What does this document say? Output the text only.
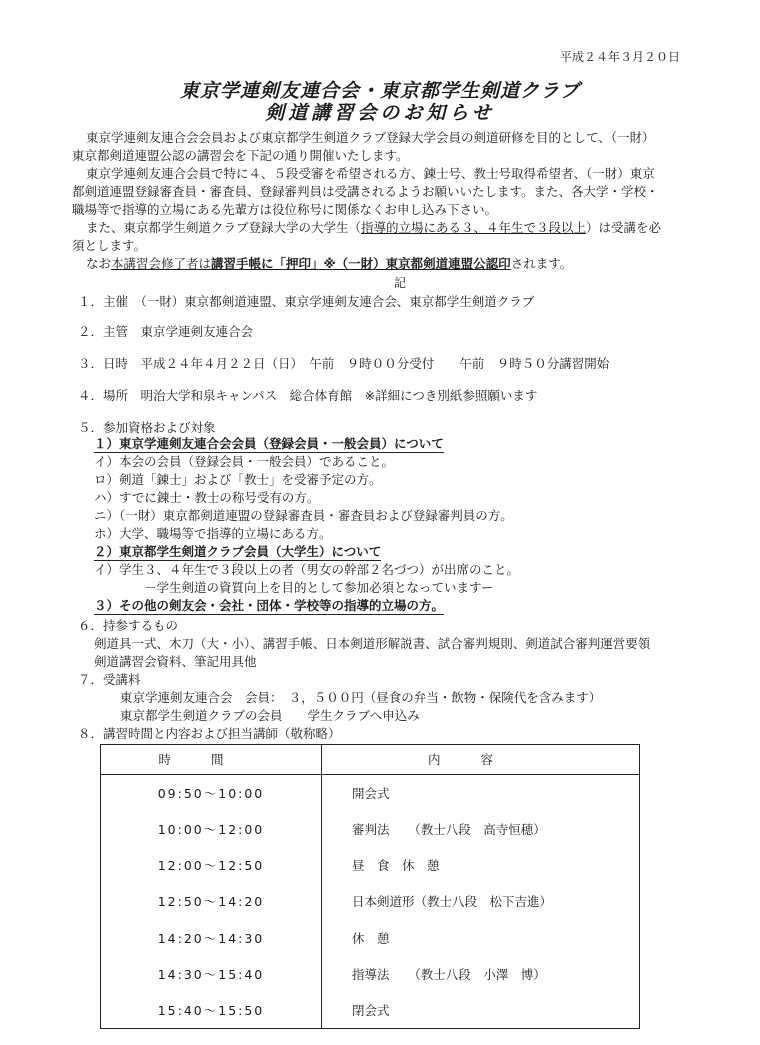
平成２４年３月２０日
東京学連剣友連合会・東京都学生剣道クラブ
剣道講習会のお知らせ
東京学連剣友連合会会員および東京都学生剣道クラブ登録大学会員の剣道研修を目的として、（一財）
東京都剣道連盟公認の講習会を下記の通り開催いたします。
東京学連剣友連合会員で特に４、５段受審を希望される方、錬士号、教士号取得希望者、（一財）東京
都剣道連盟登録審査員・審査員、登録審判員は受講されるようお願いいたします。また、各大学・学校・
職場等で指導的立場にある先輩方は役位称号に関係なくお申し込み下さい。
また、東京都学生剣道クラブ登録大学の大学生（指導的立場にある３、４年生で３段以上）は受講を必
須とします。
なお本講習会修了者は講習手帳に「押印」※（一財）東京都剣道連盟公認印されます。
記
１．主催　（一財）東京都剣道連盟、東京学連剣友連合会、東京都学生剣道クラブ
２．主管　東京学連剣友連合会
３．日時　平成２４年４月２２日（日）　午前　９時００分受付　　午前　９時５０分講習開始
４．場所　明治大学和泉キャンパス　総合体育館　※詳細につき別紙参照願います
５．参加資格および対象
１）東京学連剣友連合会会員（登録会員・一般会員）について
イ）本会の会員（登録会員・一般会員）であること。
ロ）剣道「錬士」および「教士」を受審予定の方。
ハ）すでに錬士・教士の称号受有の方。
ニ）（一財）東京都剣道連盟の登録審査員・審査員および登録審判員の方。
ホ）大学、職場等で指導的立場にある方。
２）東京都学生剣道クラブ会員（大学生）について
イ）学生３、４年生で３段以上の者（男女の幹部２名づつ）が出席のこと。
－学生剣道の資質向上を目的として参加必須となっていますー
３）その他の剣友会・会社・団体・学校等の指導的立場の方。
６．持参するもの
剣道具一式、木刀（大・小）、講習手帳、日本剣道形解説書、試合審判規則、剣道試合審判運営要領
剣道講習会資料、筆記用具他
７．受講料
東京学連剣友連合会　会員：　３，５００円（昼食の弁当・飲物・保険代を含みます）
東京都学生剣道クラブの会員　　学生クラブへ申込み
８．講習時間と内容および担当講師（敬称略）
時間	内容
09:50～10:00	開会式
10:00～12:00	審判法　　（教士八段　高寺恒穂）
12:00～12:50	昼　食　休　憩
12:50～14:20	日本剣道形（教士八段　松下吉進）
14:20～14:30	休　憩
14:30～15:40	指導法　　（教士八段　小澤　博）
15:40～15:50	閉会式
